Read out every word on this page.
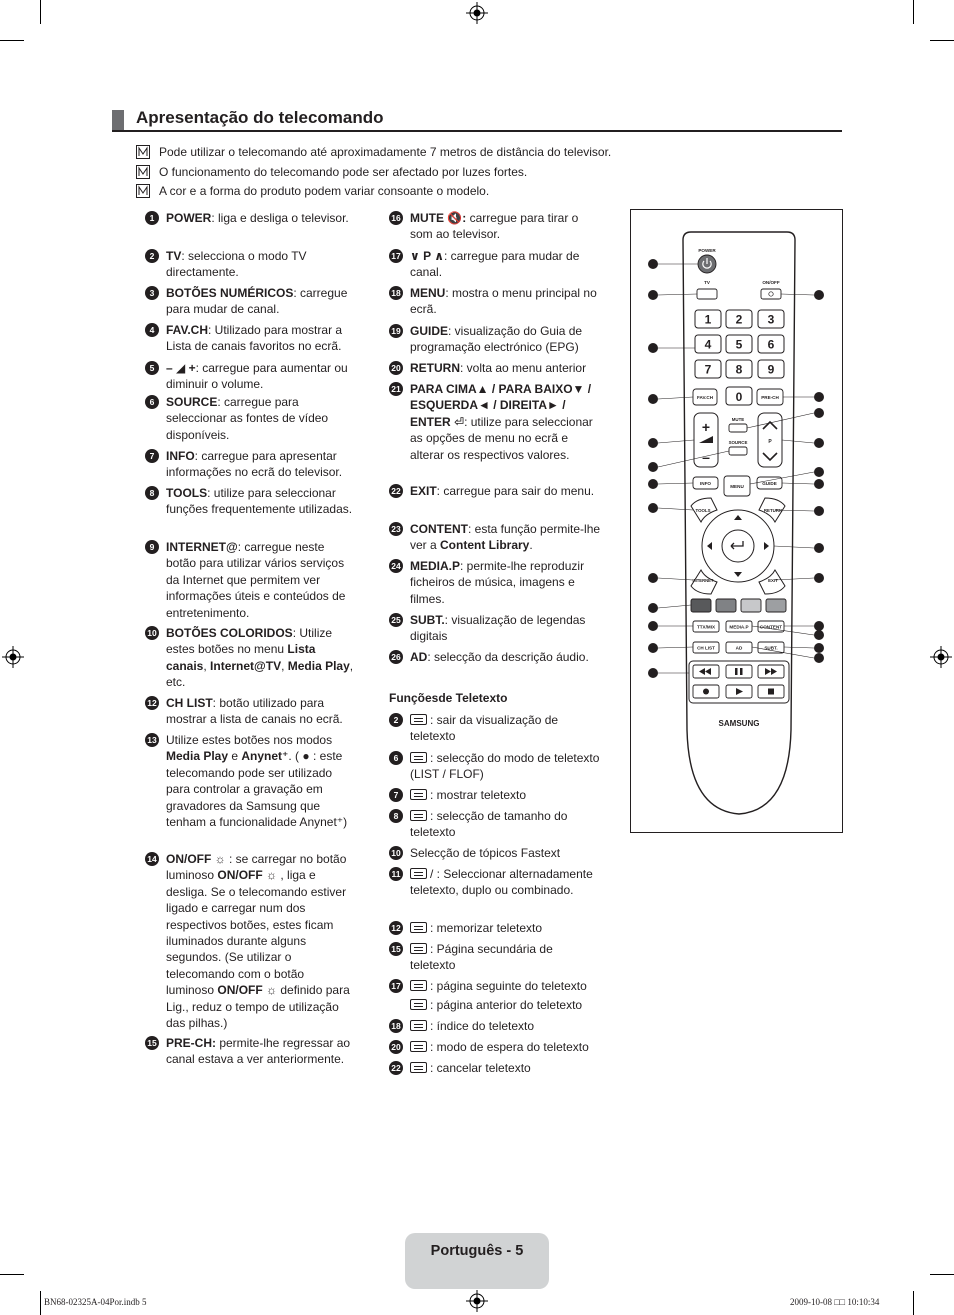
Apresentação do telecomando
Pode utilizar o telecomando até aproximadamente 7 metros de distância do televisor.
O funcionamento do telecomando pode ser afectado por luzes fortes.
A cor e a forma do produto podem variar consoante o modelo.
1 POWER: liga e desliga o televisor.
2 TV: selecciona o modo TV directamente.
3 BOTÕES NUMÉRICOS: carregue para mudar de canal.
4 FAV.CH: Utilizado para mostrar a Lista de canais favoritos no ecrã.
5 – ◢ +: carregue para aumentar ou diminuir o volume.
6 SOURCE: carregue para seleccionar as fontes de vídeo disponíveis.
7 INFO: carregue para apresentar informações no ecrã do televisor.
8 TOOLS: utilize para seleccionar funções frequentemente utilizadas.
9 INTERNET@: carregue neste botão para utilizar vários serviços da Internet que permitem ver informações úteis e conteúdos de entretenimento.
10 BOTÕES COLORIDOS: Utilize estes botões no menu Lista canais, Internet@TV, Media Play, etc.
12 CH LIST: botão utilizado para mostrar a lista de canais no ecrã.
13 Utilize estes botões nos modos Media Play e Anynet⁺. ( ● : este telecomando pode ser utilizado para controlar a gravação em gravadores da Samsung que tenham a funcionalidade Anynet⁺)
14 ON/OFF ☼ : se carregar no botão luminoso ON/OFF ☼ , liga e desliga. Se o telecomando estiver ligado e carregar num dos respectivos botões, estes ficam iluminados durante alguns segundos. (Se utilizar o telecomando com o botão luminoso ON/OFF ☼ definido para Lig., reduz o tempo de utilização das pilhas.)
15 PRE-CH: permite-lhe regressar ao canal estava a ver anteriormente.
16 MUTE 🔇: carregue para tirar o som ao televisor.
17 ∨ P ∧: carregue para mudar de canal.
18 MENU: mostra o menu principal no ecrã.
19 GUIDE: visualização do Guia de programação electrónico (EPG)
20 RETURN: volta ao menu anterior
21 PARA CIMA▲ / PARA BAIXO▼ / ESQUERDA◄ / DIREITA► / ENTER ⏎: utilize para seleccionar as opções de menu no ecrã e alterar os respectivos valores.
22 EXIT: carregue para sair do menu.
23 CONTENT: esta função permite-lhe ver a Content Library.
24 MEDIA.P: permite-lhe reproduzir ficheiros de música, imagens e filmes.
25 SUBT.: visualização de legendas digitais
26 AD: selecção da descrição áudio.
Funçõesde Teletexto
2	: sair da visualização de teletexto
6	: selecção do modo de teletexto (LIST / FLOF)
7	: mostrar teletexto
8	: selecção de tamanho do teletexto
10 Selecção de tópicos Fastext
11	/ : Seleccionar alternadamente teletexto, duplo ou combinado.
12	: memorizar teletexto
15	: Página secundária de teletexto
17	: página seguinte do teletexto
: página anterior do teletexto
18	: índice do teletexto
20	: modo de espera do teletexto
22	: cancelar teletexto
POWER
TV	ON/OFF
1 2 3
4 5 6
7 8 9
FAV.CH 0	PRE-CH
+
–
P
MUTE
SOURCE
INFO
MENU
GUIDE
TOOLS	RETURN
INTERNET	EXIT
TTX/MIX	MEDIA.P CONTENT
CH LIST	AD	SUBT.
SAMSUNG
1
2
3
4
5
6
7
8
9
10
11
12
13
14
15
16
17
18
19
20
21
22
23
24
25
26
Português - 5
BN68-02325A-04Por.indb 5	2009-10-08 □□ 10:10:34
